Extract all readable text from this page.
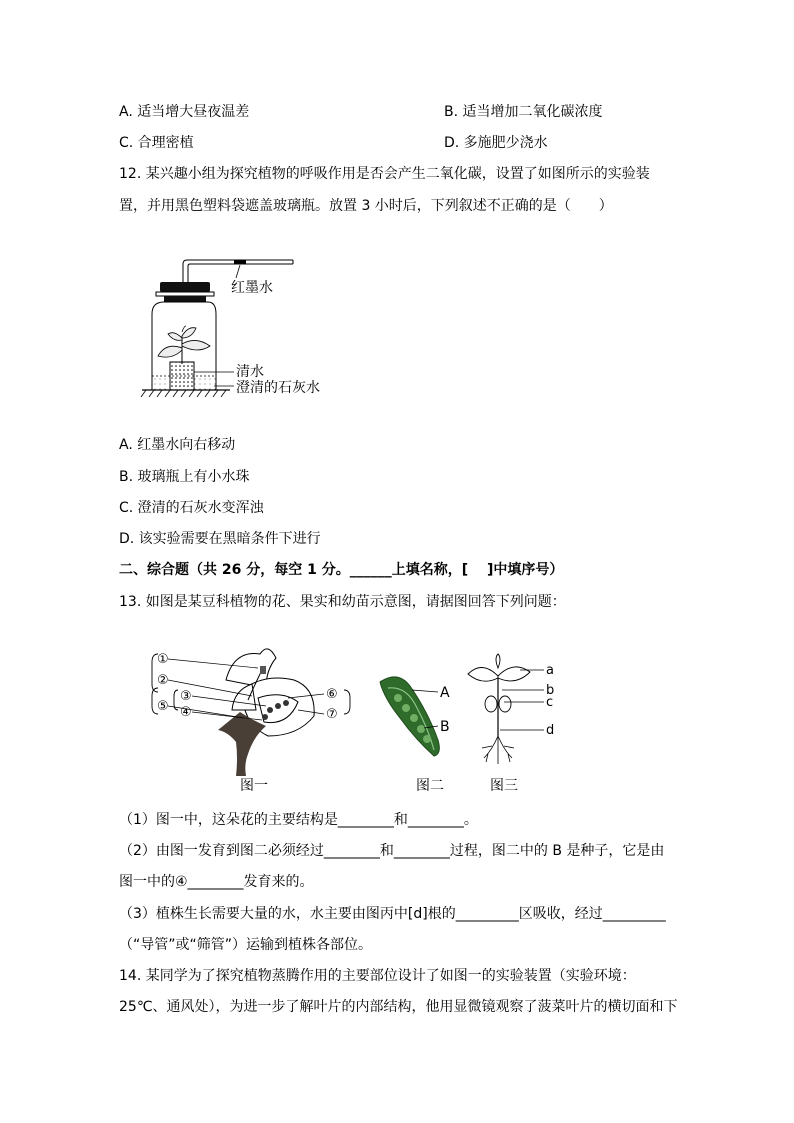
A. 适当增大昼夜温差	B. 适当增加二氧化碳浓度
C. 合理密植	D. 多施肥少浇水
12. 某兴趣小组为探究植物的呼吸作用是否会产生二氧化碳，设置了如图所示的实验装
置，并用黑色塑料袋遮盖玻璃瓶。放置 3 小时后，下列叙述不正确的是（　　）
红墨水
清水
澄清的石灰水
A. 红墨水向右移动
B. 玻璃瓶上有小水珠
C. 澄清的石灰水变浑浊
D. 该实验需要在黑暗条件下进行
二、综合题（共 26 分，每空 1 分。______上填名称，[　 ]中填序号）
13. 如图是某豆科植物的花、果实和幼苗示意图，请据图回答下列问题：
①
②
③
⑤ ④
⑥
⑦
图一
A
B
图二
a
b
c
d
图三
（1）图一中，这朵花的主要结构是________和________。
（2）由图一发育到图二必须经过________和________过程，图二中的 B 是种子，它是由
图一中的④________发育来的。
（3）植株生长需要大量的水，水主要由图丙中[d]根的_________区吸收，经过_________
（“导管”或“筛管”）运输到植株各部位。
14. 某同学为了探究植物蒸腾作用的主要部位设计了如图一的实验装置（实验环境：
25℃、通风处），为进一步了解叶片的内部结构，他用显微镜观察了菠菜叶片的横切面和下
